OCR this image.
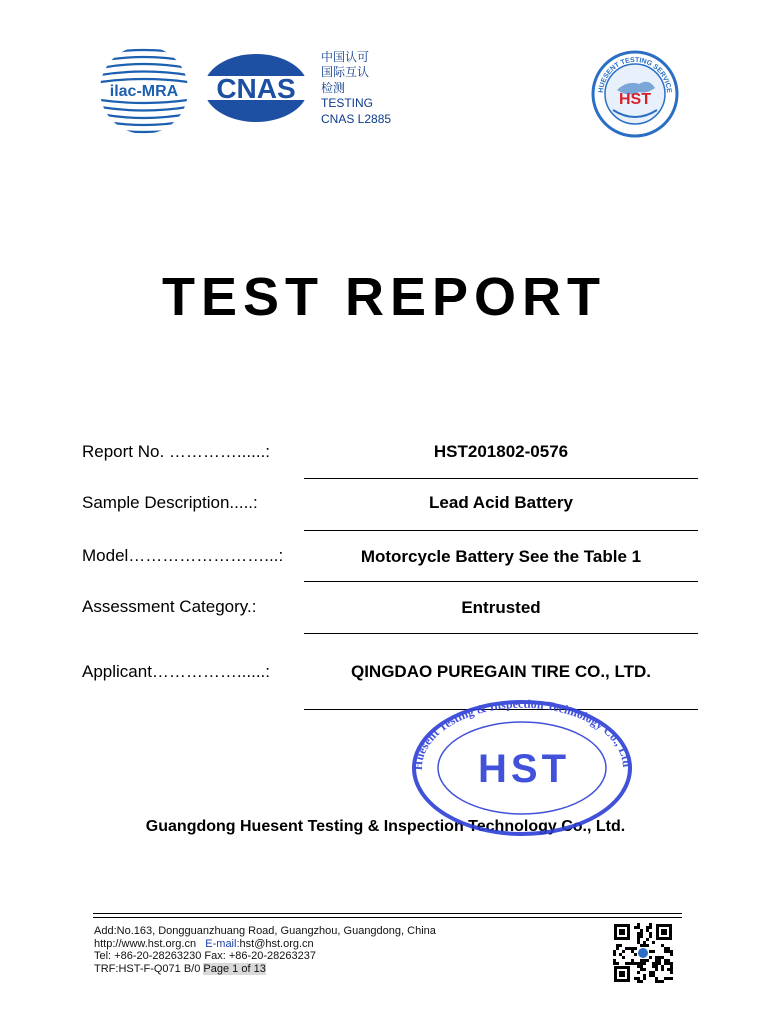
ilac-MRA CNAS
中国认可
国际互认
检测
TESTING
CNAS L2885
HUESENT TESTING SERVICE
HST
TEST REPORT
Report No. …………......:	HST201802-0576
Sample Description.....:	Lead Acid Battery
Model……………………...:	Motorcycle Battery See the Table 1
Assessment Category.:	Entrusted
Applicant……………......:	QINGDAO PUREGAIN TIRE CO., LTD.
Guangdong Huesent Testing & Inspection Technology Co., Ltd.
Huesent Testing & Inspection Technology Co., Ltd
HST
Add:No.163, Dongguanzhuang Road, Guangzhou, Guangdong, China
http://www.hst.org.cn E-mail:hst@hst.org.cn
Tel: +86-20-28263230 Fax: +86-20-28263237
TRF:HST-F-Q071 B/0 Page 1 of 13
